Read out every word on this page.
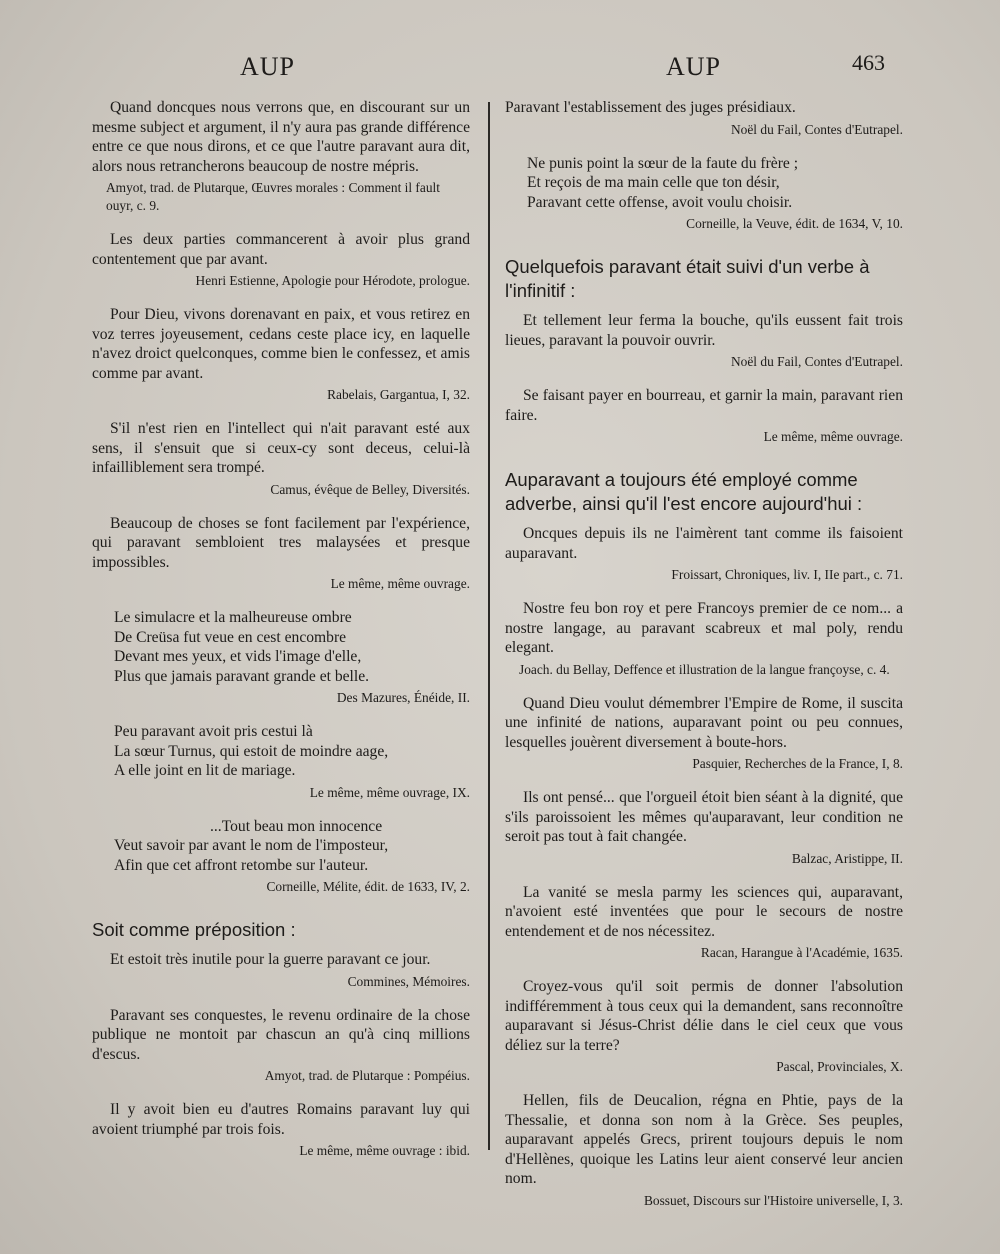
AUP	AUP	463

Quand doncques nous verrons que, en discourant sur un mesme subject et argument, il n'y aura pas grande différence entre ce que nous dirons, et ce que l'autre paravant aura dit, alors nous retrancherons beaucoup de nostre mépris.

Amyot, trad. de Plutarque, Œuvres morales : Comment il fault ouyr, c. 9.

Les deux parties commancerent à avoir plus grand contentement que par avant.

Henri Estienne, Apologie pour Hérodote, prologue.

Pour Dieu, vivons dorenavant en paix, et vous retirez en voz terres joyeusement, cedans ceste place icy, en laquelle n'avez droict quelconques, comme bien le confessez, et amis comme par avant.

Rabelais, Gargantua, I, 32.

S'il n'est rien en l'intellect qui n'ait paravant esté aux sens, il s'ensuit que si ceux-cy sont deceus, celui-là infailliblement sera trompé.

Camus, évêque de Belley, Diversités.

Beaucoup de choses se font facilement par l'expérience, qui paravant sembloient tres malaysées et presque impossibles.

Le même, même ouvrage.

Le simulacre et la malheureuse ombre
De Creüsa fut veue en cest encombre
Devant mes yeux, et vids l'image d'elle,
Plus que jamais paravant grande et belle.

Des Mazures, Énéide, II.

Peu paravant avoit pris cestui là
La sœur Turnus, qui estoit de moindre aage,
A elle joint en lit de mariage.

Le même, même ouvrage, IX.

...Tout beau mon innocence
Veut savoir par avant le nom de l'imposteur,
Afin que cet affront retombe sur l'auteur.

Corneille, Mélite, édit. de 1633, IV, 2.

Soit comme préposition :

Et estoit très inutile pour la guerre paravant ce jour.

Commines, Mémoires.

Paravant ses conquestes, le revenu ordinaire de la chose publique ne montoit par chascun an qu'à cinq millions d'escus.

Amyot, trad. de Plutarque : Pompéius.

Il y avoit bien eu d'autres Romains paravant luy qui avoient triumphé par trois fois.

Le même, même ouvrage : ibid.

Paravant l'establissement des juges présidiaux.

Noël du Fail, Contes d'Eutrapel.

Ne punis point la sœur de la faute du frère ;
Et reçois de ma main celle que ton désir,
Paravant cette offense, avoit voulu choisir.

Corneille, la Veuve, édit. de 1634, V, 10.

Quelquefois paravant était suivi d'un verbe à l'infinitif :

Et tellement leur ferma la bouche, qu'ils eussent fait trois lieues, paravant la pouvoir ouvrir.

Noël du Fail, Contes d'Eutrapel.

Se faisant payer en bourreau, et garnir la main, paravant rien faire.

Le même, même ouvrage.

Auparavant a toujours été employé comme adverbe, ainsi qu'il l'est encore aujourd'hui :

Oncques depuis ils ne l'aimèrent tant comme ils faisoient auparavant.

Froissart, Chroniques, liv. I, IIe part., c. 71.

Nostre feu bon roy et pere Francoys premier de ce nom... a nostre langage, au paravant scabreux et mal poly, rendu elegant.

Joach. du Bellay, Deffence et illustration de la langue françoyse, c. 4.

Quand Dieu voulut démembrer l'Empire de Rome, il suscita une infinité de nations, auparavant point ou peu connues, lesquelles jouèrent diversement à boute-hors.

Pasquier, Recherches de la France, I, 8.

Ils ont pensé... que l'orgueil étoit bien séant à la dignité, que s'ils paroissoient les mêmes qu'auparavant, leur condition ne seroit pas tout à fait changée.

Balzac, Aristippe, II.

La vanité se mesla parmy les sciences qui, auparavant, n'avoient esté inventées que pour le secours de nostre entendement et de nos nécessitez.

Racan, Harangue à l'Académie, 1635.

Croyez-vous qu'il soit permis de donner l'absolution indifféremment à tous ceux qui la demandent, sans reconnoître auparavant si Jésus-Christ délie dans le ciel ceux que vous déliez sur la terre?

Pascal, Provinciales, X.

Hellen, fils de Deucalion, régna en Phtie, pays de la Thessalie, et donna son nom à la Grèce. Ses peuples, auparavant appelés Grecs, prirent toujours depuis le nom d'Hellènes, quoique les Latins leur aient conservé leur ancien nom.

Bossuet, Discours sur l'Histoire universelle, I, 3.
